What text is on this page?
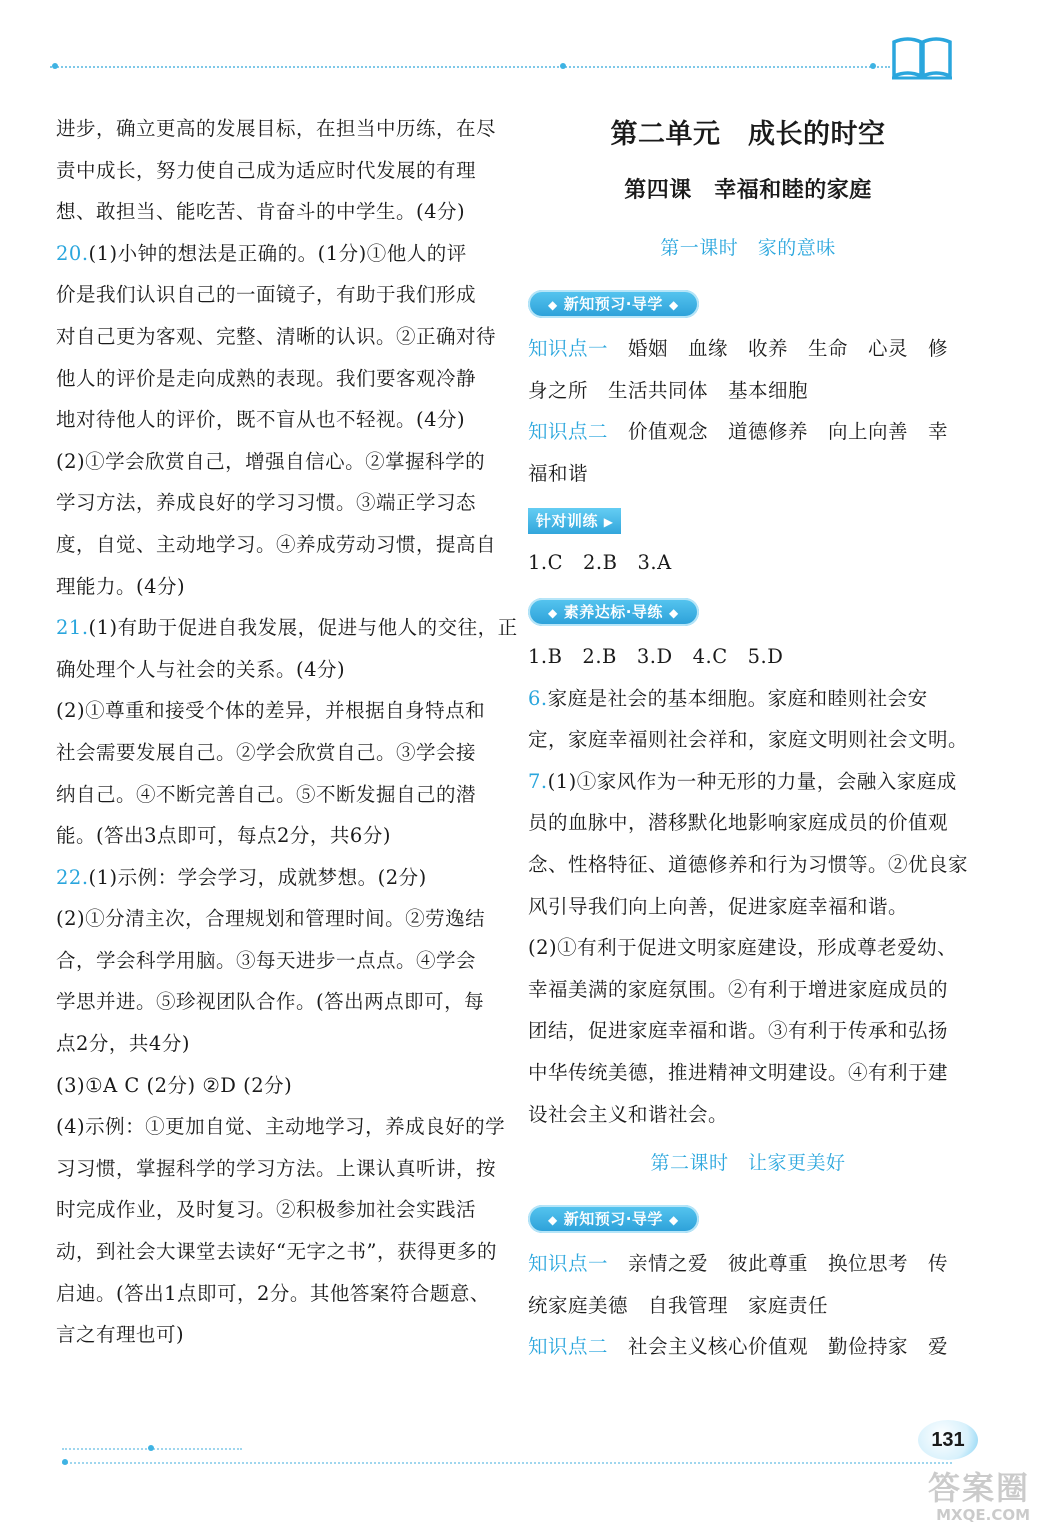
进步，确立更高的发展目标，在担当中历练，在尽
责中成长，努力使自己成为适应时代发展的有理
想、敢担当、能吃苦、肯奋斗的中学生。(4分)
20.(1)小钟的想法是正确的。(1分)①他人的评
价是我们认识自己的一面镜子，有助于我们形成
对自己更为客观、完整、清晰的认识。②正确对待
他人的评价是走向成熟的表现。我们要客观冷静
地对待他人的评价，既不盲从也不轻视。(4分)
(2)①学会欣赏自己，增强自信心。②掌握科学的
学习方法，养成良好的学习习惯。③端正学习态
度，自觉、主动地学习。④养成劳动习惯，提高自
理能力。(4分)
21.(1)有助于促进自我发展，促进与他人的交往，正
确处理个人与社会的关系。(4分)
(2)①尊重和接受个体的差异，并根据自身特点和
社会需要发展自己。②学会欣赏自己。③学会接
纳自己。④不断完善自己。⑤不断发掘自己的潜
能。(答出3点即可，每点2分，共6分)
22.(1)示例：学会学习，成就梦想。(2分)
(2)①分清主次，合理规划和管理时间。②劳逸结
合，学会科学用脑。③每天进步一点点。④学会
学思并进。⑤珍视团队合作。(答出两点即可，每
点2分，共4分)
(3)①A C (2分) ②D (2分)
(4)示例：①更加自觉、主动地学习，养成良好的学
习习惯，掌握科学的学习方法。上课认真听讲，按
时完成作业，及时复习。②积极参加社会实践活
动，到社会大课堂去读好“无字之书”，获得更多的
启迪。(答出1点即可，2分。其他答案符合题意、
言之有理也可)
第二单元　成长的时空
第四课　幸福和睦的家庭
第一课时　家的意味
◆ 新知预习·导学 ◆
知识点一　婚姻　血缘　收养　生命　心灵　修
身之所　生活共同体　基本细胞
知识点二　价值观念　道德修养　向上向善　幸
福和谐
针对训练 ▶
1.C　2.B　3.A
◆ 素养达标·导练 ◆
1.B　2.B　3.D　4.C　5.D
6.家庭是社会的基本细胞。家庭和睦则社会安
定，家庭幸福则社会祥和，家庭文明则社会文明。
7.(1)①家风作为一种无形的力量，会融入家庭成
员的血脉中，潜移默化地影响家庭成员的价值观
念、性格特征、道德修养和行为习惯等。②优良家
风引导我们向上向善，促进家庭幸福和谐。
(2)①有利于促进文明家庭建设，形成尊老爱幼、
幸福美满的家庭氛围。②有利于增进家庭成员的
团结，促进家庭幸福和谐。③有利于传承和弘扬
中华传统美德，推进精神文明建设。④有利于建
设社会主义和谐社会。
第二课时　让家更美好
◆ 新知预习·导学 ◆
知识点一　亲情之爱　彼此尊重　换位思考　传
统家庭美德　自我管理　家庭责任
知识点二　社会主义核心价值观　勤俭持家　爱
131
答案圈
MXQE.COM
